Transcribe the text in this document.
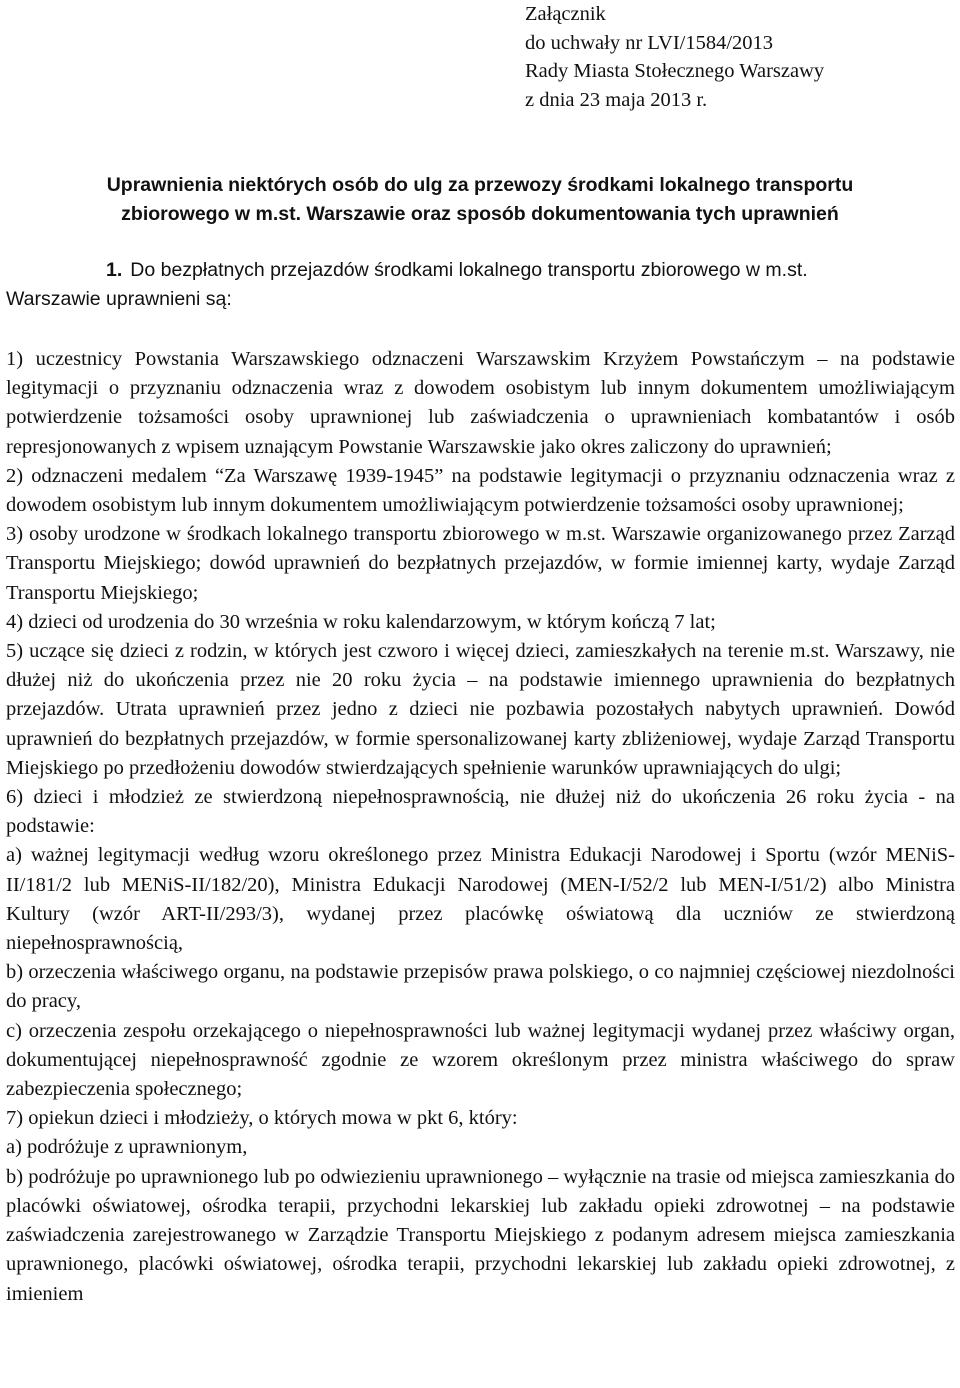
Załącznik
do uchwały nr LVI/1584/2013
Rady Miasta Stołecznego Warszawy
z dnia 23 maja 2013 r.
Uprawnienia niektórych osób do ulg za przewozy środkami lokalnego transportu
zbiorowego w m.st. Warszawie oraz sposób dokumentowania tych uprawnień
1. Do bezpłatnych przejazdów środkami lokalnego transportu zbiorowego w m.st.
Warszawie uprawnieni są:

1) uczestnicy Powstania Warszawskiego odznaczeni Warszawskim Krzyżem Powstańczym – na podstawie legitymacji o przyznaniu odznaczenia wraz z dowodem osobistym lub innym dokumentem umożliwiającym potwierdzenie tożsamości osoby uprawnionej lub zaświadczenia o uprawnieniach kombatantów i osób represjonowanych z wpisem uznającym Powstanie Warszawskie jako okres zaliczony do uprawnień;

2) odznaczeni medalem “Za Warszawę 1939-1945” na podstawie legitymacji o przyznaniu odznaczenia wraz z dowodem osobistym lub innym dokumentem umożliwiającym potwierdzenie tożsamości osoby uprawnionej;

3) osoby urodzone w środkach lokalnego transportu zbiorowego w m.st. Warszawie organizowanego przez Zarząd Transportu Miejskiego; dowód uprawnień do bezpłatnych przejazdów, w formie imiennej karty, wydaje Zarząd Transportu Miejskiego;

4) dzieci od urodzenia do 30 września w roku kalendarzowym, w którym kończą 7 lat;

5) uczące się dzieci z rodzin, w których jest czworo i więcej dzieci, zamieszkałych na terenie m.st. Warszawy, nie dłużej niż do ukończenia przez nie 20 roku życia – na podstawie imiennego uprawnienia do bezpłatnych przejazdów. Utrata uprawnień przez jedno z dzieci nie pozbawia pozostałych nabytych uprawnień. Dowód uprawnień do bezpłatnych przejazdów, w formie spersonalizowanej karty zbliżeniowej, wydaje Zarząd Transportu Miejskiego po przedłożeniu dowodów stwierdzających spełnienie warunków uprawniających do ulgi;

6) dzieci i młodzież ze stwierdzoną niepełnosprawnością, nie dłużej niż do ukończenia 26 roku życia - na podstawie:

a) ważnej legitymacji według wzoru określonego przez Ministra Edukacji Narodowej i Sportu (wzór MENiS-II/181/2 lub MENiS-II/182/20), Ministra Edukacji Narodowej (MEN-I/52/2 lub MEN-I/51/2) albo Ministra Kultury (wzór ART-II/293/3), wydanej przez placówkę oświatową dla uczniów ze stwierdzoną niepełnosprawnością,

b) orzeczenia właściwego organu, na podstawie przepisów prawa polskiego, o co najmniej częściowej niezdolności do pracy,

c) orzeczenia zespołu orzekającego o niepełnosprawności lub ważnej legitymacji wydanej przez właściwy organ, dokumentującej niepełnosprawność zgodnie ze wzorem określonym przez ministra właściwego do spraw zabezpieczenia społecznego;

7) opiekun dzieci i młodzieży, o których mowa w pkt 6, który:

a) podróżuje z uprawnionym,

b) podróżuje po uprawnionego lub po odwiezieniu uprawnionego – wyłącznie na trasie od miejsca zamieszkania do placówki oświatowej, ośrodka terapii, przychodni lekarskiej lub zakładu opieki zdrowotnej – na podstawie zaświadczenia zarejestrowanego w Zarządzie Transportu Miejskiego z podanym adresem miejsca zamieszkania uprawnionego, placówki oświatowej, ośrodka terapii, przychodni lekarskiej lub zakładu opieki zdrowotnej, z imieniem
